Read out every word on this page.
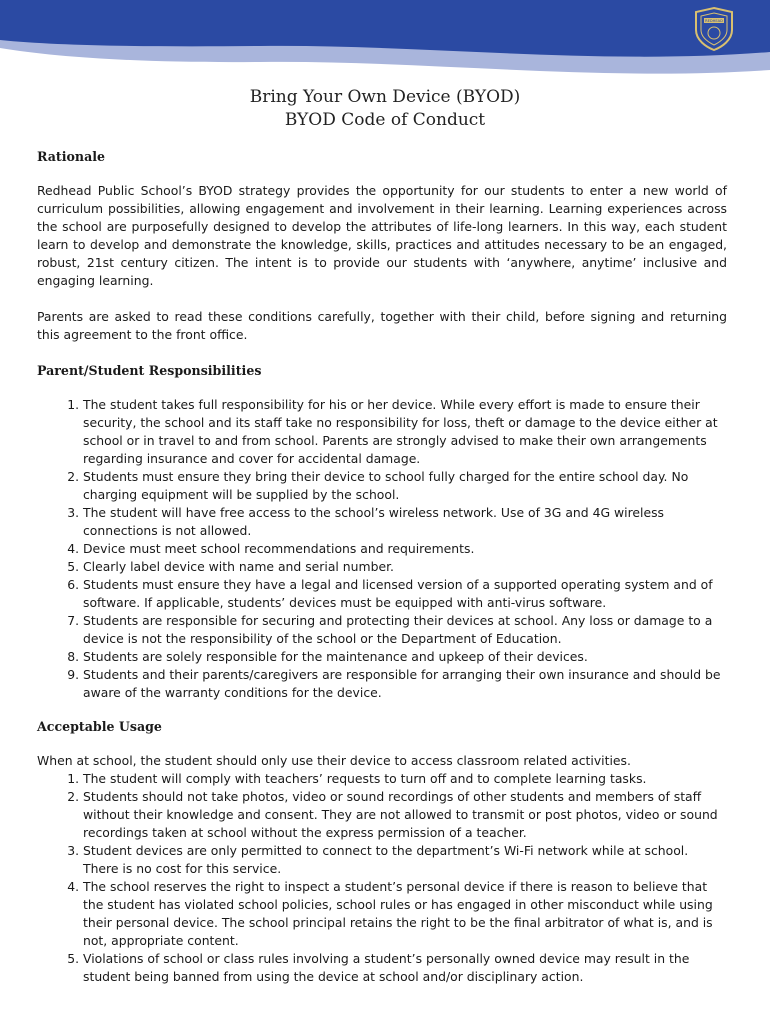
REDHEAD
Bring Your Own Device (BYOD)
BYOD Code of Conduct
Rationale

Redhead Public School’s BYOD strategy provides the opportunity for our students to enter a new world of curriculum possibilities, allowing engagement and involvement in their learning. Learning experiences across the school are purposefully designed to develop the attributes of life-long learners. In this way, each student learn to develop and demonstrate the knowledge, skills, practices and attitudes necessary to be an engaged, robust, 21st century citizen. The intent is to provide our students with ‘anywhere, anytime’ inclusive and engaging learning.

Parents are asked to read these conditions carefully, together with their child, before signing and returning this agreement to the front office.

Parent/Student Responsibilities
1. The student takes full responsibility for his or her device. While every effort is made to ensure their security, the school and its staff take no responsibility for loss, theft or damage to the device either at school or in travel to and from school. Parents are strongly advised to make their own arrangements regarding insurance and cover for accidental damage.
2. Students must ensure they bring their device to school fully charged for the entire school day. No charging equipment will be supplied by the school.
3. The student will have free access to the school’s wireless network. Use of 3G and 4G wireless connections is not allowed.
4. Device must meet school recommendations and requirements.
5. Clearly label device with name and serial number.
6. Students must ensure they have a legal and licensed version of a supported operating system and of software. If applicable, students’ devices must be equipped with anti-virus software.
7. Students are responsible for securing and protecting their devices at school. Any loss or damage to a device is not the responsibility of the school or the Department of Education.
8. Students are solely responsible for the maintenance and upkeep of their devices.
9. Students and their parents/caregivers are responsible for arranging their own insurance and should be aware of the warranty conditions for the device.
Acceptable Usage

When at school, the student should only use their device to access classroom related activities.

1. The student will comply with teachers’ requests to turn off and to complete learning tasks.
2. Students should not take photos, video or sound recordings of other students and members of staff without their knowledge and consent. They are not allowed to transmit or post photos, video or sound recordings taken at school without the express permission of a teacher.
3. Student devices are only permitted to connect to the department’s Wi-Fi network while at school. There is no cost for this service.
4. The school reserves the right to inspect a student’s personal device if there is reason to believe that the student has violated school policies, school rules or has engaged in other misconduct while using their personal device. The school principal retains the right to be the final arbitrator of what is, and is not, appropriate content.
5. Violations of school or class rules involving a student’s personally owned device may result in the student being banned from using the device at school and/or disciplinary action.
